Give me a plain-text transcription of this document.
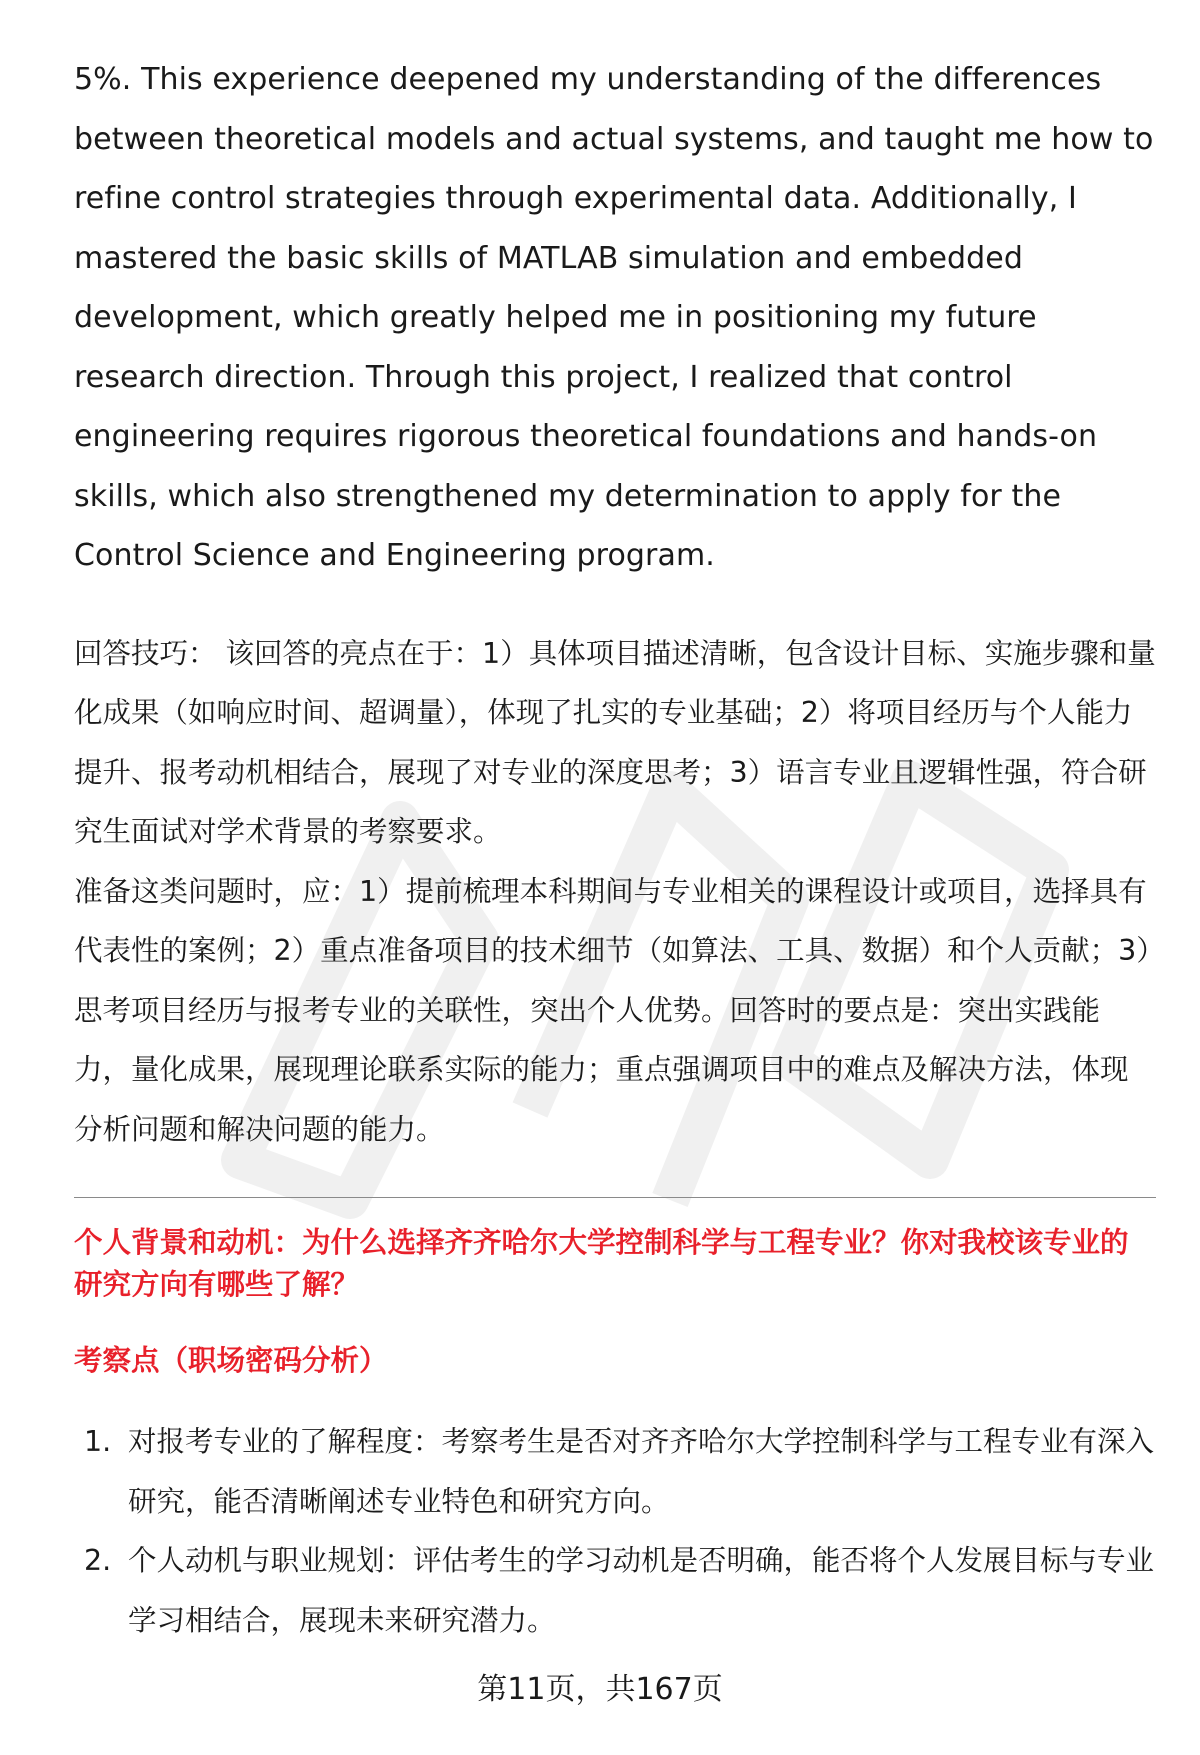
5%. This experience deepened my understanding of the differences between theoretical models and actual systems, and taught me how to refine control strategies through experimental data. Additionally, I mastered the basic skills of MATLAB simulation and embedded development, which greatly helped me in positioning my future research direction. Through this project, I realized that control engineering requires rigorous theoretical foundations and hands-on skills, which also strengthened my determination to apply for the Control Science and Engineering program.

回答技巧： 该回答的亮点在于：1）具体项目描述清晰，包含设计目标、实施步骤和量化成果（如响应时间、超调量），体现了扎实的专业基础；2）将项目经历与个人能力提升、报考动机相结合，展现了对专业的深度思考；3）语言专业且逻辑性强，符合研究生面试对学术背景的考察要求。

准备这类问题时，应：1）提前梳理本科期间与专业相关的课程设计或项目，选择具有代表性的案例；2）重点准备项目的技术细节（如算法、工具、数据）和个人贡献；3）思考项目经历与报考专业的关联性，突出个人优势。回答时的要点是：突出实践能力，量化成果，展现理论联系实际的能力；重点强调项目中的难点及解决方法，体现分析问题和解决问题的能力。

个人背景和动机：为什么选择齐齐哈尔大学控制科学与工程专业？你对我校该专业的研究方向有哪些了解？

考察点（职场密码分析）

1. 对报考专业的了解程度：考察考生是否对齐齐哈尔大学控制科学与工程专业有深入研究，能否清晰阐述专业特色和研究方向。
2. 个人动机与职业规划：评估考生的学习动机是否明确，能否将个人发展目标与专业学习相结合，展现未来研究潜力。
第11页，共167页
